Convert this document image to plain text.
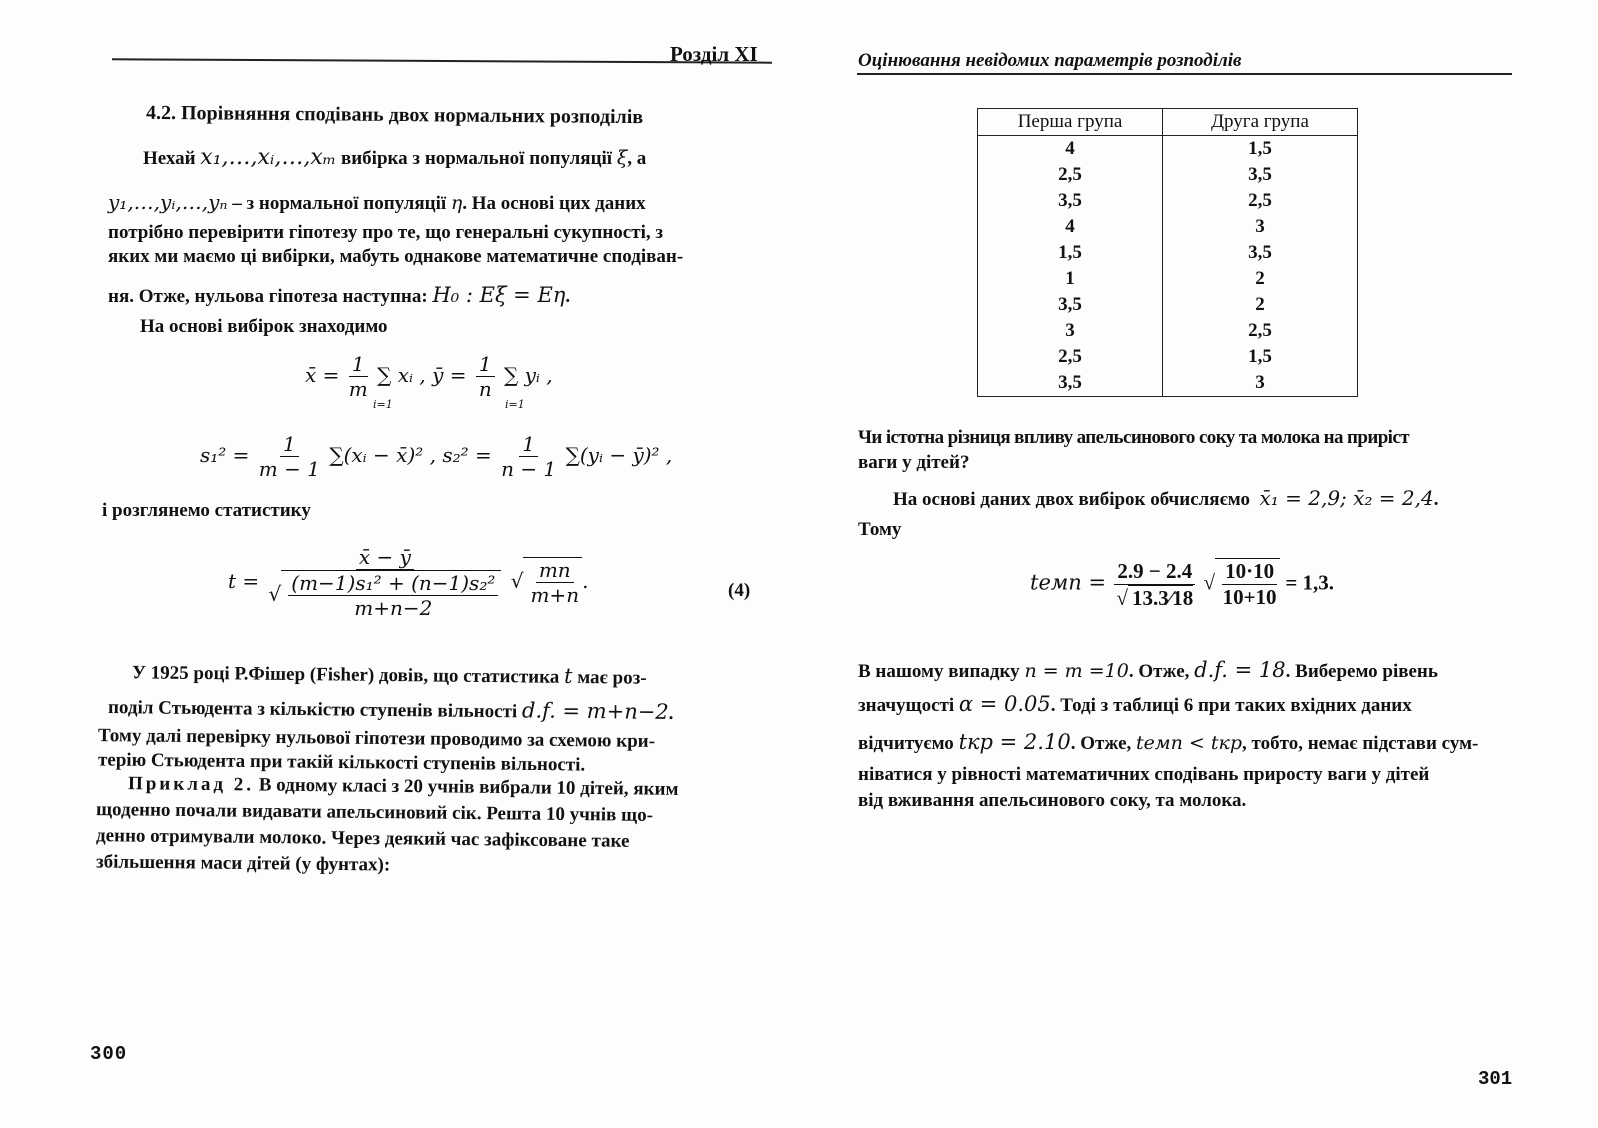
Розділ XI
4.2. Порівняння сподівань двох нормальних розподілів
Нехай x₁,…,xᵢ,…,xₘ вибірка з нормальної популяції ξ, а
y₁,…,yᵢ,…,yₙ – з нормальної популяції η. На основі цих даних
потрібно перевірити гіпотезу про те, що генеральні сукупності, з
яких ми маємо ці вибірки, мабуть однакове математичне сподіван-
ня. Отже, нульова гіпотеза наступна: H₀ : Eξ = Eη.
На основі вибірок знаходимо
x̄ = $\frac{1}{m}$ ∑ xᵢ , ȳ = $\frac{1}{n}$ ∑ yᵢ ,
i=1	i=1
$s_1^2 = \frac{1}{m - 1}$ ∑(xᵢ − x̄)² , $s_2^2 = \frac{1}{n - 1}$ ∑(yᵢ − ȳ)² ,
і розглянемо статистику
$t = \frac{x̄ - ȳ}{√ \frac{\text{(m−1)s₁² + (n−1)s₂²}}{m+n-2}}$ √ $\frac{mn}{m+n}$ .	(4)
У 1925 році Р.Фішер (Fisher) довів, що статистика t має роз-
поділ Стьюдента з кількістю ступенів вільності d.f. = m+n−2.
Тому далі перевірку нульової гіпотези проводимо за схемою кри-
терію Стьюдента при такій кількості ступенів вільності.
Приклад 2. В одному класі з 20 учнів вибрали 10 дітей, яким
щоденно почали видавати апельсиновий сік. Решта 10 учнів що-
денно отримували молоко. Через деякий час зафіксоване таке
збільшення маси дітей (у фунтах):
300
Оцінювання невідомих параметрів розподілів
Перша група	Друга група
4	1,5
2,5	3,5
3,5	2,5
4	3
1,5	3,5
1	2
3,5	2
3	2,5
2,5	1,5
3,5	3
Чи істотна різниця впливу апельсинового соку та молока на приріст
ваги у дітей?
На основі даних двох вибірок обчисляємо x̄₁ = 2,9; x̄₂ = 2,4.
Тому
tемп = $\frac{2.9 - 2.4}{√ 13.3⁄18}$ √ $\frac{10\cdot 10}{10+10} = 1,3$.
В нашому випадку n = m =10. Отже, d.f. = 18. Виберемо рівень
значущості α = 0.05. Тоді з таблиці 6 при таких вхідних даних
відчитуємо tкр = 2.10. Отже, tемп < tкр, тобто, немає підстави сум-
ніватися у рівності математичних сподівань приросту ваги у дітей
від вживання апельсинового соку, та молока.
301
